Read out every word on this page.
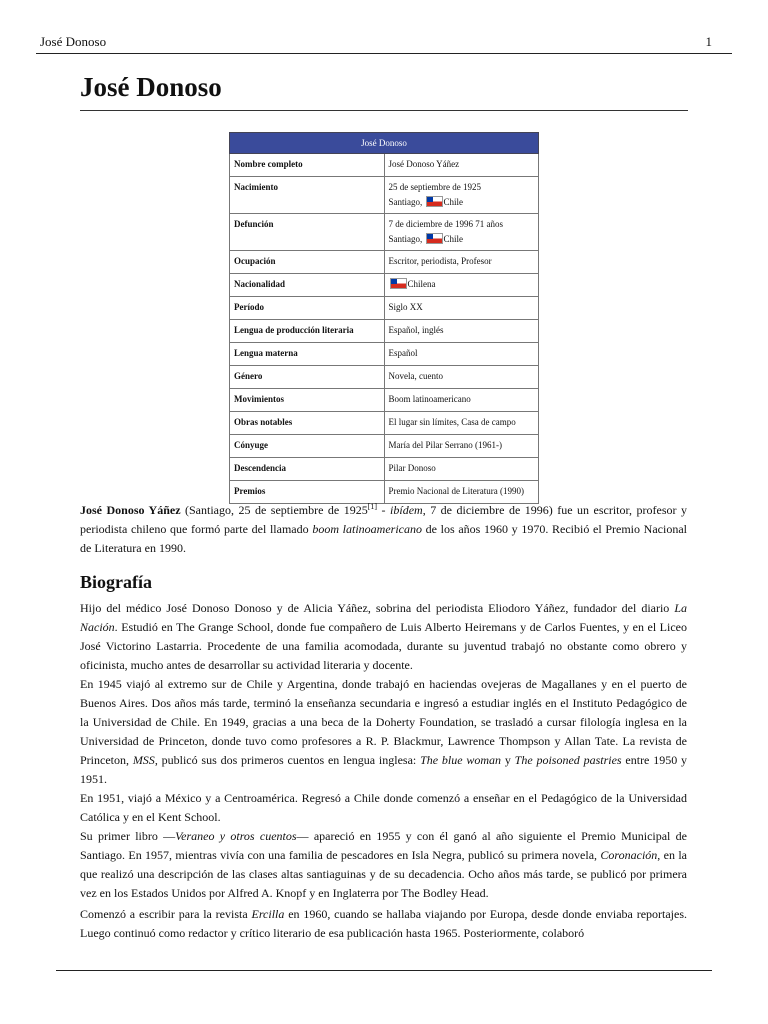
José Donoso	1
José Donoso
José Donoso	
Nombre completo	José Donoso Yáñez
Nacimiento	25 de septiembre de 1925
Santiago, Chile
Defunción	7 de diciembre de 1996 71 años
Santiago, Chile
Ocupación	Escritor, periodista, Profesor
Nacionalidad	Chilena
Período	Siglo XX
Lengua de producción literaria	Español, inglés
Lengua materna	Español
Género	Novela, cuento
Movimientos	Boom latinoamericano
Obras notables	El lugar sin límites, Casa de campo
Cónyuge	María del Pilar Serrano (1961-)
Descendencia	Pilar Donoso
Premios	Premio Nacional de Literatura (1990)

José Donoso Yáñez (Santiago, 25 de septiembre de 1925[1] - ibídem, 7 de diciembre de 1996) fue un escritor, profesor y periodista chileno que formó parte del llamado boom latinoamericano de los años 1960 y 1970. Recibió el Premio Nacional de Literatura en 1990.

Biografía

Hijo del médico José Donoso Donoso y de Alicia Yáñez, sobrina del periodista Eliodoro Yáñez, fundador del diario La Nación. Estudió en The Grange School, donde fue compañero de Luis Alberto Heiremans y de Carlos Fuentes, y en el Liceo José Victorino Lastarria. Procedente de una familia acomodada, durante su juventud trabajó no obstante como obrero y oficinista, mucho antes de desarrollar su actividad literaria y docente.

En 1945 viajó al extremo sur de Chile y Argentina, donde trabajó en haciendas ovejeras de Magallanes y en el puerto de Buenos Aires. Dos años más tarde, terminó la enseñanza secundaria e ingresó a estudiar inglés en el Instituto Pedagógico de la Universidad de Chile. En 1949, gracias a una beca de la Doherty Foundation, se trasladó a cursar filología inglesa en la Universidad de Princeton, donde tuvo como profesores a R. P. Blackmur, Lawrence Thompson y Allan Tate. La revista de Princeton, MSS, publicó sus dos primeros cuentos en lengua inglesa: The blue woman y The poisoned pastries entre 1950 y 1951.

En 1951, viajó a México y a Centroamérica. Regresó a Chile donde comenzó a enseñar en el Pedagógico de la Universidad Católica y en el Kent School.

Su primer libro —Veraneo y otros cuentos— apareció en 1955 y con él ganó al año siguiente el Premio Municipal de Santiago. En 1957, mientras vivía con una familia de pescadores en Isla Negra, publicó su primera novela, Coronación, en la que realizó una descripción de las clases altas santiaguinas y de su decadencia. Ocho años más tarde, se publicó por primera vez en los Estados Unidos por Alfred A. Knopf y en Inglaterra por The Bodley Head.

Comenzó a escribir para la revista Ercilla en 1960, cuando se hallaba viajando por Europa, desde donde enviaba reportajes. Luego continuó como redactor y crítico literario de esa publicación hasta 1965. Posteriormente, colaboró
